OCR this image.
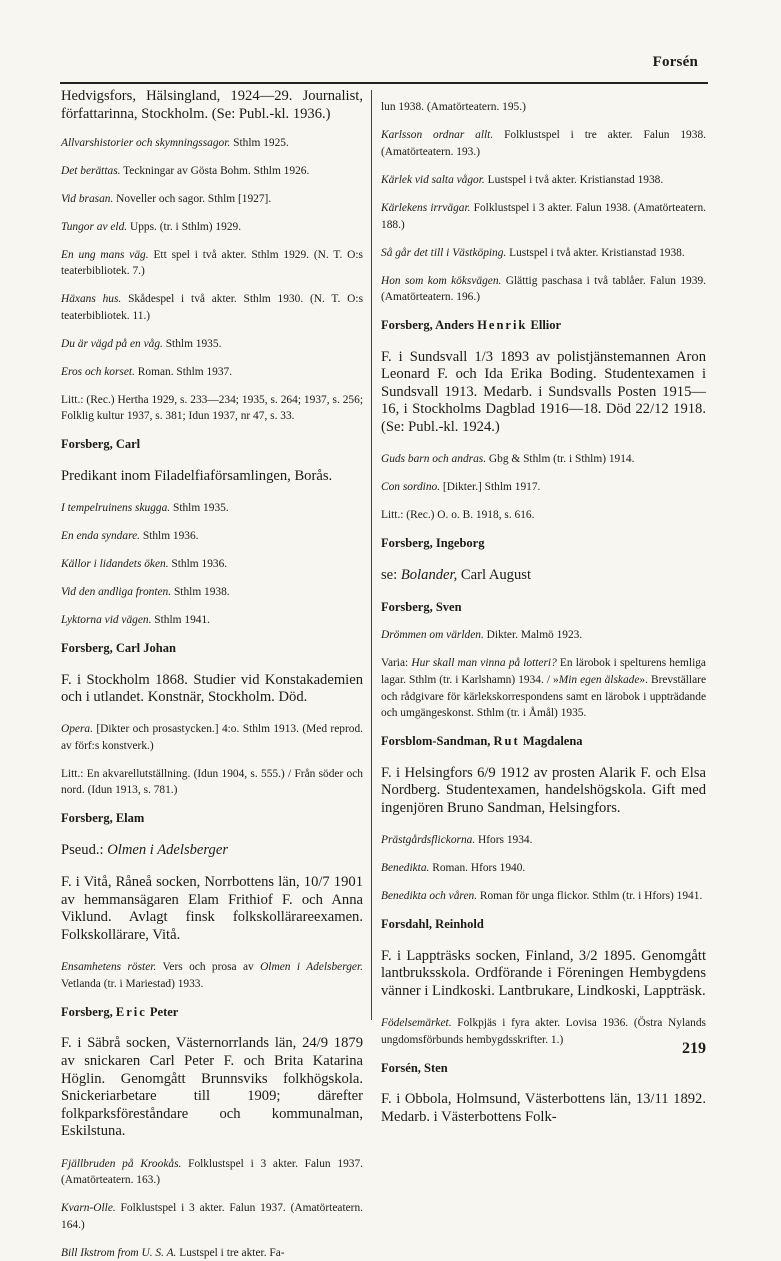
Forsén

Hedvigsfors, Hälsingland, 1924—29. Journalist, författarinna, Stockholm. (Se: Publ.-kl. 1936.)

Allvarshistorier och skymningssagor. Sthlm 1925.

Det berättas. Teckningar av Gösta Bohm. Sthlm 1926.

Vid brasan. Noveller och sagor. Sthlm [1927].

Tungor av eld. Upps. (tr. i Sthlm) 1929.

En ung mans väg. Ett spel i två akter. Sthlm 1929. (N. T. O:s teaterbibliotek. 7.)

Häxans hus. Skådespel i två akter. Sthlm 1930. (N. T. O:s teaterbibliotek. 11.)

Du är vägd på en våg. Sthlm 1935.

Eros och korset. Roman. Sthlm 1937.

Litt.: (Rec.) Hertha 1929, s. 233—234; 1935, s. 264; 1937, s. 256; Folklig kultur 1937, s. 381; Idun 1937, nr 47, s. 33.

Forsberg, Carl

Predikant inom Filadelfiaförsamlingen, Borås.

I tempelruinens skugga. Sthlm 1935.

En enda syndare. Sthlm 1936.

Källor i lidandets öken. Sthlm 1936.

Vid den andliga fronten. Sthlm 1938.

Lyktorna vid vägen. Sthlm 1941.

Forsberg, Carl Johan

F. i Stockholm 1868. Studier vid Konstakademien och i utlandet. Konstnär, Stockholm. Död.

Opera. [Dikter och prosastycken.] 4:o. Sthlm 1913. (Med reprod. av förf:s konstverk.)

Litt.: En akvarellutställning. (Idun 1904, s. 555.) / Från söder och nord. (Idun 1913, s. 781.)

Forsberg, Elam

Pseud.: Olmen i Adelsberger

F. i Vitå, Råneå socken, Norrbottens län, 10/7 1901 av hemmansägaren Elam Frithiof F. och Anna Viklund. Avlagt finsk folkskollärareexamen. Folkskollärare, Vitå.

Ensamhetens röster. Vers och prosa av Olmen i Adelsberger. Vetlanda (tr. i Mariestad) 1933.

Forsberg, Eric Peter

F. i Säbrå socken, Västernorrlands län, 24/9 1879 av snickaren Carl Peter F. och Brita Katarina Höglin. Genomgått Brunnsviks folkhögskola. Snickeriarbetare till 1909; därefter folkparksföreståndare och kommunalman, Eskilstuna.

Fjällbruden på Krookås. Folklustspel i 3 akter. Falun 1937. (Amatörteatern. 163.)

Kvarn-Olle. Folklustspel i 3 akter. Falun 1937. (Amatörteatern. 164.)

Bill Ikstrom from U. S. A. Lustspel i tre akter. Fa-

lun 1938. (Amatörteatern. 195.)

Karlsson ordnar allt. Folklustspel i tre akter. Falun 1938. (Amatörteatern. 193.)

Kärlek vid salta vågor. Lustspel i två akter. Kristianstad 1938.

Kärlekens irrvägar. Folklustspel i 3 akter. Falun 1938. (Amatörteatern. 188.)

Så går det till i Västköping. Lustspel i två akter. Kristianstad 1938.

Hon som kom köksvägen. Glättig paschasa i två tablåer. Falun 1939. (Amatörteatern. 196.)

Forsberg, Anders Henrik Ellior

F. i Sundsvall 1/3 1893 av polistjänstemannen Aron Leonard F. och Ida Erika Boding. Studentexamen i Sundsvall 1913. Medarb. i Sundsvalls Posten 1915—16, i Stockholms Dagblad 1916—18. Död 22/12 1918. (Se: Publ.-kl. 1924.)

Guds barn och andras. Gbg & Sthlm (tr. i Sthlm) 1914.

Con sordino. [Dikter.] Sthlm 1917.

Litt.: (Rec.) O. o. B. 1918, s. 616.

Forsberg, Ingeborg

se: Bolander, Carl August

Forsberg, Sven

Drömmen om världen. Dikter. Malmö 1923.

Varia: Hur skall man vinna på lotteri? En lärobok i spelturens hemliga lagar. Sthlm (tr. i Karlshamn) 1934. / »Min egen älskade». Brevställare och rådgivare för kärlekskorrespondens samt en lärobok i uppträdande och umgängeskonst. Sthlm (tr. i Åmål) 1935.

Forsblom-Sandman, Rut Magdalena

F. i Helsingfors 6/9 1912 av prosten Alarik F. och Elsa Nordberg. Studentexamen, handelshögskola. Gift med ingenjören Bruno Sandman, Helsingfors.

Prästgårdsflickorna. Hfors 1934.

Benedikta. Roman. Hfors 1940.

Benedikta och våren. Roman för unga flickor. Sthlm (tr. i Hfors) 1941.

Forsdahl, Reinhold

F. i Lappträsks socken, Finland, 3/2 1895. Genomgått lantbruksskola. Ordförande i Föreningen Hembygdens vänner i Lindkoski. Lantbrukare, Lindkoski, Lappträsk.

Födelsemärket. Folkpjäs i fyra akter. Lovisa 1936. (Östra Nylands ungdomsförbunds hembygdsskrifter. 1.)

Forsén, Sten

F. i Obbola, Holmsund, Västerbottens län, 13/11 1892. Medarb. i Västerbottens Folk-

219
